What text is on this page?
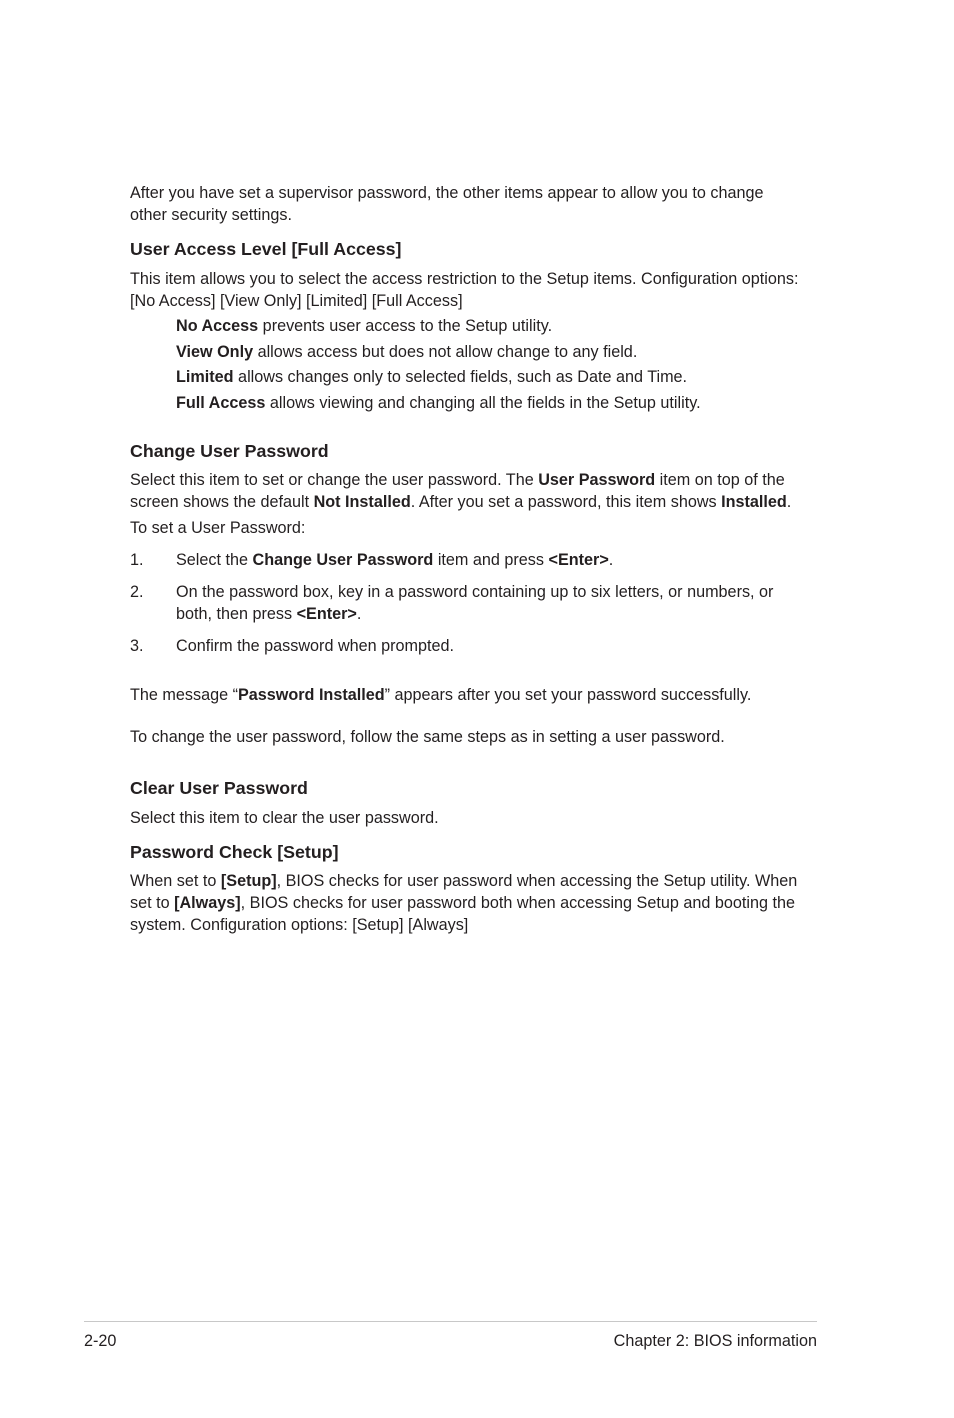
After you have set a supervisor password, the other items appear to allow you to change
other security settings.

User Access Level [Full Access]

This item allows you to select the access restriction to the Setup items. Configuration options:
[No Access] [View Only] [Limited] [Full Access]

No Access prevents user access to the Setup utility.

View Only allows access but does not allow change to any field.

Limited allows changes only to selected fields, such as Date and Time.

Full Access allows viewing and changing all the fields in the Setup utility.

Change User Password

Select this item to set or change the user password. The User Password item on top of the
screen shows the default Not Installed. After you set a password, this item shows Installed.

To set a User Password:

1. Select the Change User Password item and press <Enter>.

2. On the password box, key in a password containing up to six letters, or numbers, or
both, then press <Enter>.

3. Confirm the password when prompted.

The message “Password Installed” appears after you set your password successfully.

To change the user password, follow the same steps as in setting a user password.

Clear User Password

Select this item to clear the user password.

Password Check [Setup]

When set to [Setup], BIOS checks for user password when accessing the Setup utility. When
set to [Always], BIOS checks for user password both when accessing Setup and booting the
system. Configuration options: [Setup] [Always]

2-20	Chapter 2: BIOS information
